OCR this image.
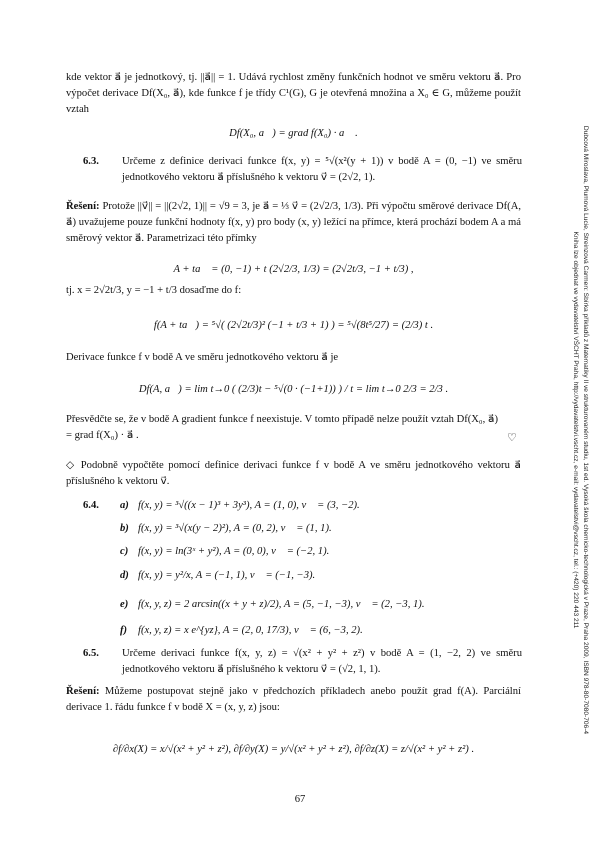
Dubcová Miroslava, Plumová Lucie, Streinzová Carmen: Sbírka příkladů z Matematiky II ve strukturovaném studiu, 1st ed. Vysoká škola chemicko-technologická v Praze, Praha 2009, ISBN 978-80-7080-706-4
Kniha lze objednat ve vydavatelství VŠCHT Praha, http://vydavatelstvi.vscht.cz, e-mail: vydavatelstvi@vscht.cz, tel.: (+420) 220 443 211
kde vektor a⃗ je jednotkový, tj. ||a⃗|| = 1. Udává rychlost změny funkčních hodnot ve směru vektoru a⃗. Pro výpočet derivace Df(X₀, a⃗), kde funkce f je třídy C¹(G), G je otevřená množina a X₀ ∈ G, můžeme použít vztah
Df(X₀, a⃗) = grad f(X₀) · a⃗ .
6.3. Určeme z definice derivaci funkce f(x, y) = ⁵√(x²(y + 1)) v bodě A = (0, −1) ve směru jednotkového vektoru a⃗ příslušného k vektoru v⃗ = (2√2, 1).
Řešení: Protože ||v⃗|| = ||(2√2, 1)|| = √9 = 3, je a⃗ = ⅓ v⃗ = (2√2/3, 1/3). Při výpočtu směrové derivace Df(A, a⃗) uvažujeme pouze funkční hodnoty f(x, y) pro body (x, y) ležící na přímce, která prochází bodem A a má směrový vektor a⃗. Parametrizaci této přímky
A + ta⃗ = (0, −1) + t (2√2/3, 1/3) = (2√2t/3, −1 + t/3) ,
tj. x = 2√2t/3, y = −1 + t/3 dosaďme do f:
f(A + ta⃗) = ⁵√( (2√2t/3)² (−1 + t/3 + 1) ) = ⁵√(8t⁵/27) = (2/3) t .
Derivace funkce f v bodě A ve směru jednotkového vektoru a⃗ je
Df(A, a⃗) = lim t→0 ( (2/3)t − ⁵√(0 · (−1+1)) ) / t = lim t→0 2/3 = 2/3 .
Přesvědčte se, že v bodě A gradient funkce f neexistuje. V tomto případě nelze použít vztah Df(X₀, a⃗) = grad f(X₀) · a⃗ .	♡
◇ Podobně vypočtěte pomocí definice derivaci funkce f v bodě A ve směru jednotkového vektoru a⃗ příslušného k vektoru v⃗.
6.4. a) f(x, y) = ³√((x − 1)³ + 3y³), A = (1, 0), v⃗ = (3, −2).
b) f(x, y) = ³√(x(y − 2)²), A = (0, 2), v⃗ = (1, 1).
c) f(x, y) = ln(3ˣ + y²), A = (0, 0), v⃗ = (−2, 1).
d) f(x, y) = y²/x, A = (−1, 1), v⃗ = (−1, −3).
e) f(x, y, z) = 2 arcsin((x + y + z)/2), A = (5, −1, −3), v⃗ = (2, −3, 1).
f) f(x, y, z) = x e^{yz}, A = (2, 0, 17/3), v⃗ = (6, −3, 2).
6.5. Určeme derivaci funkce f(x, y, z) = √(x² + y² + z²) v bodě A = (1, −2, 2) ve směru jednotkového vektoru a⃗ příslušného k vektoru v⃗ = (√2, 1, 1).
Řešení: Můžeme postupovat stejně jako v předchozích příkladech anebo použít grad f(A). Parciální derivace 1. řádu funkce f v bodě X = (x, y, z) jsou:
∂f/∂x(X) = x/√(x² + y² + z²), ∂f/∂y(X) = y/√(x² + y² + z²), ∂f/∂z(X) = z/√(x² + y² + z²) .
67
